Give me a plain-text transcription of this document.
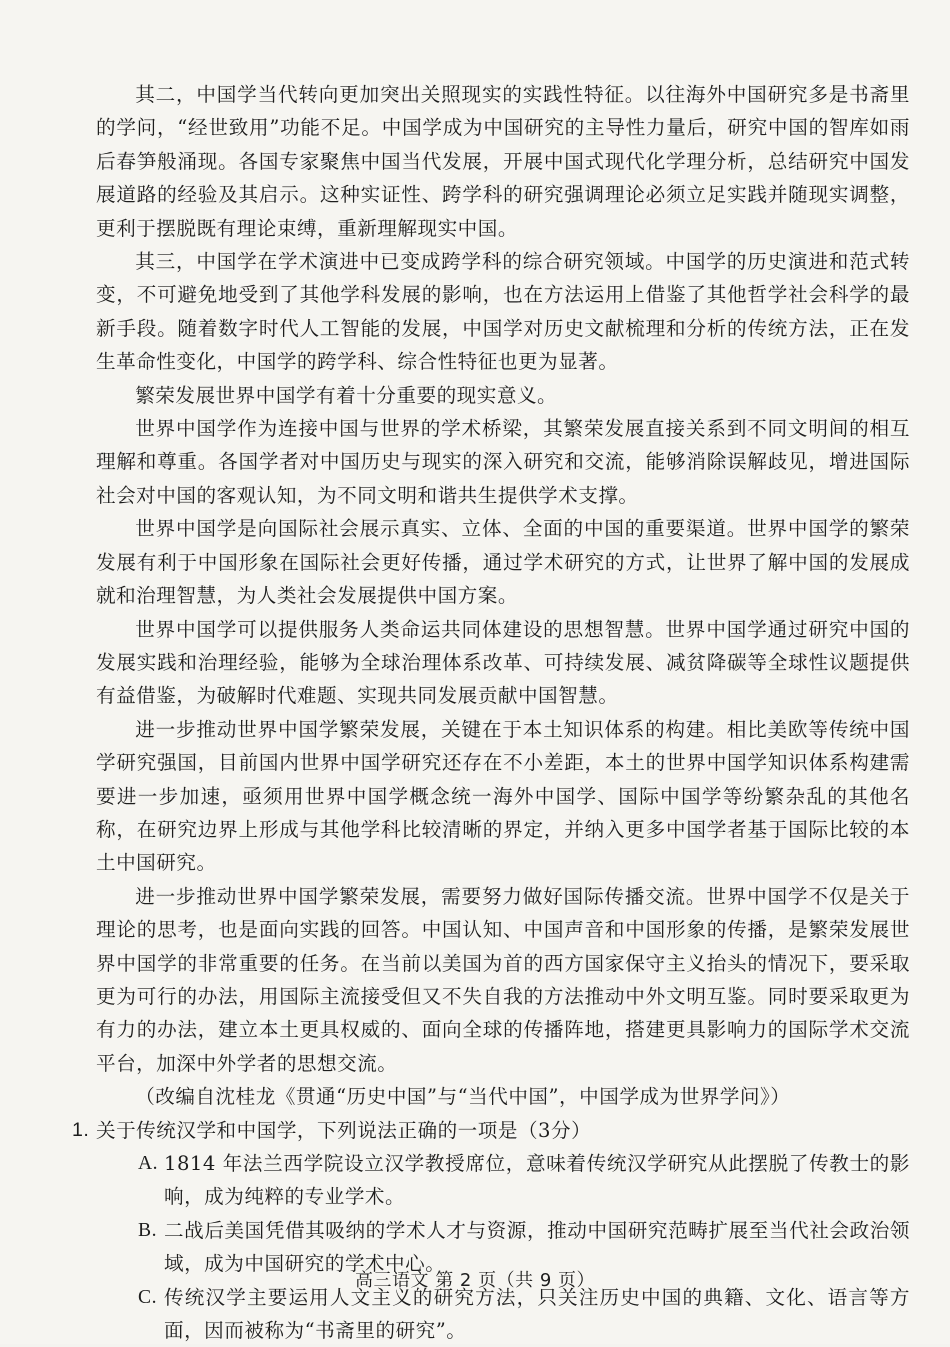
其二，中国学当代转向更加突出关照现实的实践性特征。以往海外中国研究多是书斋里的学问，“经世致用”功能不足。中国学成为中国研究的主导性力量后，研究中国的智库如雨后春笋般涌现。各国专家聚焦中国当代发展，开展中国式现代化学理分析，总结研究中国发展道路的经验及其启示。这种实证性、跨学科的研究强调理论必须立足实践并随现实调整，更利于摆脱既有理论束缚，重新理解现实中国。

其三，中国学在学术演进中已变成跨学科的综合研究领域。中国学的历史演进和范式转变，不可避免地受到了其他学科发展的影响，也在方法运用上借鉴了其他哲学社会科学的最新手段。随着数字时代人工智能的发展，中国学对历史文献梳理和分析的传统方法，正在发生革命性变化，中国学的跨学科、综合性特征也更为显著。

繁荣发展世界中国学有着十分重要的现实意义。

世界中国学作为连接中国与世界的学术桥梁，其繁荣发展直接关系到不同文明间的相互理解和尊重。各国学者对中国历史与现实的深入研究和交流，能够消除误解歧见，增进国际社会对中国的客观认知，为不同文明和谐共生提供学术支撑。

世界中国学是向国际社会展示真实、立体、全面的中国的重要渠道。世界中国学的繁荣发展有利于中国形象在国际社会更好传播，通过学术研究的方式，让世界了解中国的发展成就和治理智慧，为人类社会发展提供中国方案。

世界中国学可以提供服务人类命运共同体建设的思想智慧。世界中国学通过研究中国的发展实践和治理经验，能够为全球治理体系改革、可持续发展、减贫降碳等全球性议题提供有益借鉴，为破解时代难题、实现共同发展贡献中国智慧。

进一步推动世界中国学繁荣发展，关键在于本土知识体系的构建。相比美欧等传统中国学研究强国，目前国内世界中国学研究还存在不小差距，本土的世界中国学知识体系构建需要进一步加速，亟须用世界中国学概念统一海外中国学、国际中国学等纷繁杂乱的其他名称，在研究边界上形成与其他学科比较清晰的界定，并纳入更多中国学者基于国际比较的本土中国研究。

进一步推动世界中国学繁荣发展，需要努力做好国际传播交流。世界中国学不仅是关于理论的思考，也是面向实践的回答。中国认知、中国声音和中国形象的传播，是繁荣发展世界中国学的非常重要的任务。在当前以美国为首的西方国家保守主义抬头的情况下，要采取更为可行的办法，用国际主流接受但又不失自我的方法推动中外文明互鉴。同时要采取更为有力的办法，建立本土更具权威的、面向全球的传播阵地，搭建更具影响力的国际学术交流平台，加深中外学者的思想交流。

（改编自沈桂龙《贯通“历史中国”与“当代中国”，中国学成为世界学问》）

1. 关于传统汉学和中国学，下列说法正确的一项是（3分）
A. 1814 年法兰西学院设立汉学教授席位，意味着传统汉学研究从此摆脱了传教士的影响，成为纯粹的专业学术。
B. 二战后美国凭借其吸纳的学术人才与资源，推动中国研究范畴扩展至当代社会政治领域，成为中国研究的学术中心。
C. 传统汉学主要运用人文主义的研究方法，只关注历史中国的典籍、文化、语言等方面，因而被称为“书斋里的研究”。
高三语文 第 2 页（共 9 页）
